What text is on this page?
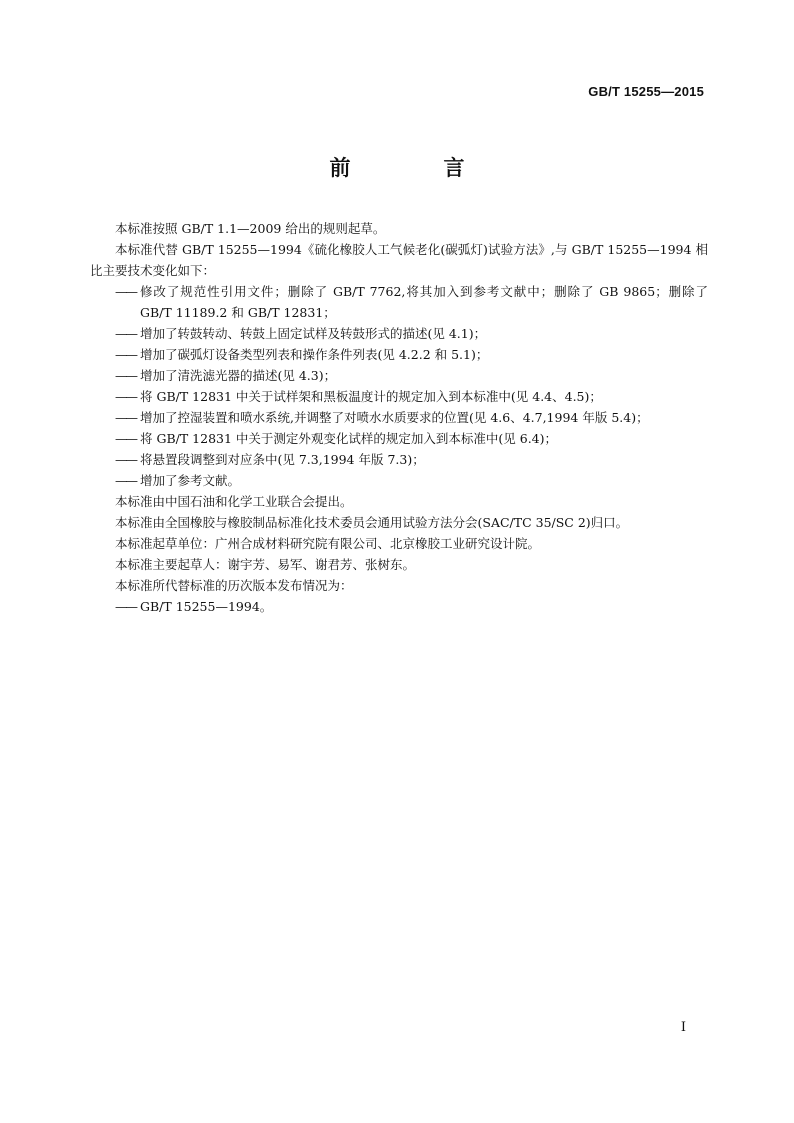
GB/T 15255—2015
前　言

本标准按照 GB/T 1.1—2009 给出的规则起草。

本标准代替 GB/T 15255—1994《硫化橡胶人工气候老化(碳弧灯)试验方法》,与 GB/T 15255—1994 相比主要技术变化如下：

—— 修改了规范性引用文件；删除了 GB/T 7762,将其加入到参考文献中；删除了 GB 9865；删除了 GB/T 11189.2 和 GB/T 12831；
—— 增加了转鼓转动、转鼓上固定试样及转鼓形式的描述(见 4.1)；
—— 增加了碳弧灯设备类型列表和操作条件列表(见 4.2.2 和 5.1)；
—— 增加了清洗滤光器的描述(见 4.3)；
—— 将 GB/T 12831 中关于试样架和黑板温度计的规定加入到本标准中(见 4.4、4.5)；
—— 增加了控湿装置和喷水系统,并调整了对喷水水质要求的位置(见 4.6、4.7,1994 年版 5.4)；
—— 将 GB/T 12831 中关于测定外观变化试样的规定加入到本标准中(见 6.4)；
—— 将悬置段调整到对应条中(见 7.3,1994 年版 7.3)；
—— 增加了参考文献。

本标准由中国石油和化学工业联合会提出。

本标准由全国橡胶与橡胶制品标准化技术委员会通用试验方法分会(SAC/TC 35/SC 2)归口。

本标准起草单位：广州合成材料研究院有限公司、北京橡胶工业研究设计院。

本标准主要起草人：谢宇芳、易军、谢君芳、张树东。

本标准所代替标准的历次版本发布情况为：

—— GB/T 15255—1994。
I
